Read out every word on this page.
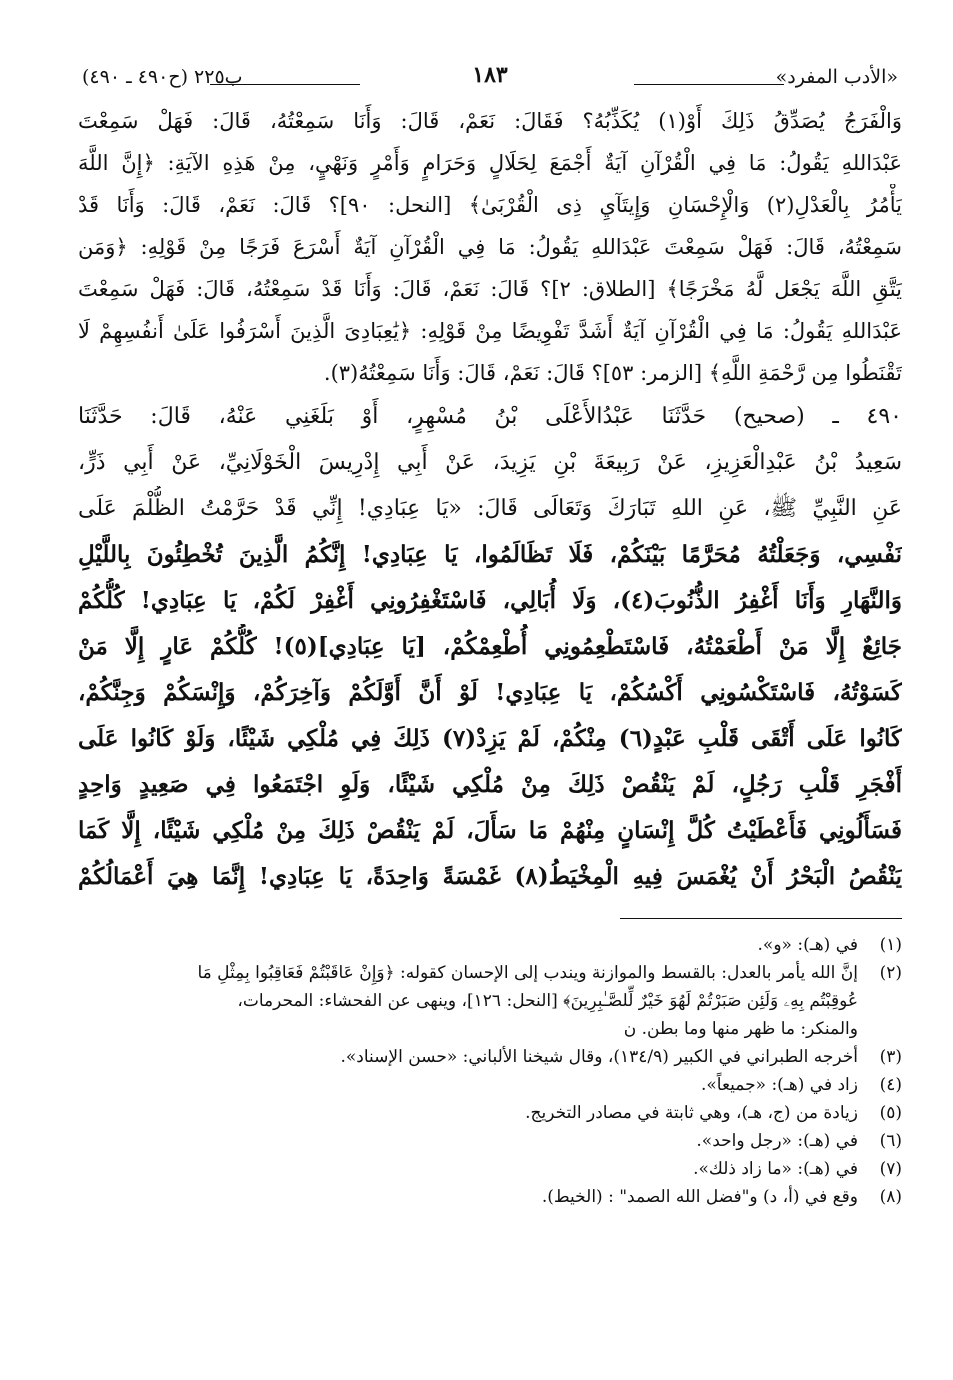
«الأدب المفرد»
١٨٣
ب٢٢٥ (ح٤٩٠ ـ ٤٩٠)
وَالْفَرَجُ يُصَدِّقُ ذَلِكَ أَوْ(١) يُكَذِّبُهُ؟ فَقَالَ: نَعَمْ، قَالَ: وَأَنَا سَمِعْتُهُ، قَالَ: فَهَلْ سَمِعْتَ
عَبْدَاللهِ يَقُولُ: مَا فِي الْقُرْآنِ آيَةٌ أَجْمَعَ لِحَلَالٍ وَحَرَامٍ وَأَمْرٍ وَنَهْيٍ، مِنْ هَذِهِ الآيَةِ: ﴿إِنَّ اللَّهَ
يَأْمُرُ بِالْعَدْلِ(٢) وَالْإِحْسَانِ وَإِيتَآيِ ذِى الْقُرْبَىٰ﴾ [النحل: ٩٠]؟ قَالَ: نَعَمْ، قَالَ: وَأَنَا قَدْ
سَمِعْتُهُ، قَالَ: فَهَلْ سَمِعْتَ عَبْدَاللهِ يَقُولُ: مَا فِي الْقُرْآنِ آيَةٌ أَسْرَعَ فَرَجًا مِنْ قَوْلِهِ: ﴿وَمَن
يَتَّقِ اللَّهَ يَجْعَل لَّهُ مَخْرَجًا﴾ [الطلاق: ٢]؟ قَالَ: نَعَمْ، قَالَ: وَأَنَا قَدْ سَمِعْتُهُ، قَالَ: فَهَلْ سَمِعْتَ
عَبْدَاللهِ يَقُولُ: مَا فِي الْقُرْآنِ آيَةٌ أَشَدَّ تَفْوِيضًا مِنْ قَوْلِهِ: ﴿يَٰعِبَادِىَ الَّذِينَ أَسْرَفُوا عَلَىٰ أَنفُسِهِمْ لَا
تَقْنَطُوا مِن رَّحْمَةِ اللَّهِ﴾ [الزمر: ٥٣]؟ قَالَ: نَعَمْ، قَالَ: وَأَنَا سَمِعْتُهُ(٣).
٤٩٠ ـ (صحيح) حَدَّثَنَا عَبْدُالأَعْلَى بْنُ مُسْهِرٍ، أَوْ بَلَغَنِي عَنْهُ، قَالَ: حَدَّثَنَا
سَعِيدُ بْنُ عَبْدِالْعَزِيزِ، عَنْ رَبِيعَةَ بْنِ يَزِيدَ، عَنْ أَبِي إِدْرِيسَ الْخَوْلَانِيِّ، عَنْ أَبِي ذَرٍّ،
عَنِ النَّبِيِّ ﷺ، عَنِ اللهِ تَبَارَكَ وَتَعَالَى قَالَ: «يَا عِبَادِي! إِنِّي قَدْ حَرَّمْتُ الظُّلْمَ عَلَى
نَفْسِي، وَجَعَلْتُهُ مُحَرَّمًا بَيْنَكُمْ، فَلَا تَظَالَمُوا، يَا عِبَادِي! إِنَّكُمُ الَّذِينَ تُخْطِئُونَ بِاللَّيْلِ
وَالنَّهَارِ وَأَنَا أَغْفِرُ الذُّنُوبَ(٤)، وَلَا أُبَالِي، فَاسْتَغْفِرُونِي أَغْفِرْ لَكُمْ، يَا عِبَادِي! كُلُّكُمْ
جَائِعٌ إِلَّا مَنْ أَطْعَمْتُهُ، فَاسْتَطْعِمُونِي أُطْعِمْكُمْ، [يَا عِبَادِي](٥)! كُلُّكُمْ عَارٍ إِلَّا مَنْ
كَسَوْتُهُ، فَاسْتَكْسُونِي أَكْسُكُمْ، يَا عِبَادِي! لَوْ أَنَّ أَوَّلَكُمْ وَآخِرَكُمْ، وَإِنْسَكُمْ وَجِنَّكُمْ،
كَانُوا عَلَى أَتْقَى قَلْبِ عَبْدٍ(٦) مِنْكُمْ، لَمْ يَزِدْ(٧) ذَلِكَ فِي مُلْكِي شَيْئًا، وَلَوْ كَانُوا عَلَى
أَفْجَرِ قَلْبِ رَجُلٍ، لَمْ يَنْقُصْ ذَلِكَ مِنْ مُلْكِي شَيْئًا، وَلَوِ اجْتَمَعُوا فِي صَعِيدٍ وَاحِدٍ
فَسَأَلُونِي فَأَعْطَيْتُ كُلَّ إِنْسَانٍ مِنْهُمْ مَا سَأَلَ، لَمْ يَنْقُصْ ذَلِكَ مِنْ مُلْكِي شَيْئًا، إِلَّا كَمَا
يَنْقُصُ الْبَحْرُ أَنْ يُغْمَسَ فِيهِ الْمِخْيَطُ(٨) غَمْسَةً وَاحِدَةً، يَا عِبَادِي! إِنَّمَا هِيَ أَعْمَالُكُمْ
(١)
في (هـ): «و».
(٢)
إنَّ الله يأمر بالعدل: بالقسط والموازنة ويندب إلى الإحسان كقوله: ﴿وَإِنْ عَاقَبْتُمْ فَعَاقِبُوا بِمِثْلِ مَا
عُوقِبْتُم بِهِۦ وَلَئِن صَبَرْتُمْ لَهُوَ خَيْرٌ لِّلصَّـٰبِرِينَ﴾ [النحل: ١٢٦]، وينهى عن الفحشاء: المحرمات،
والمنكر: ما ظهر منها وما بطن. ن
(٣)
أخرجه الطبراني في الكبير (١٣٤/٩)، وقال شيخنا الألباني: «حسن الإسناد».
(٤)
زاد في (هـ): «جميعاً».
(٥)
زيادة من (ج، هـ)، وهي ثابتة في مصادر التخريج.
(٦)
في (هـ): «رجل واحد».
(٧)
في (هـ): «ما زاد ذلك».
(٨)
وقع في (أ، د) و"فضل الله الصمد" : (الخيط).
